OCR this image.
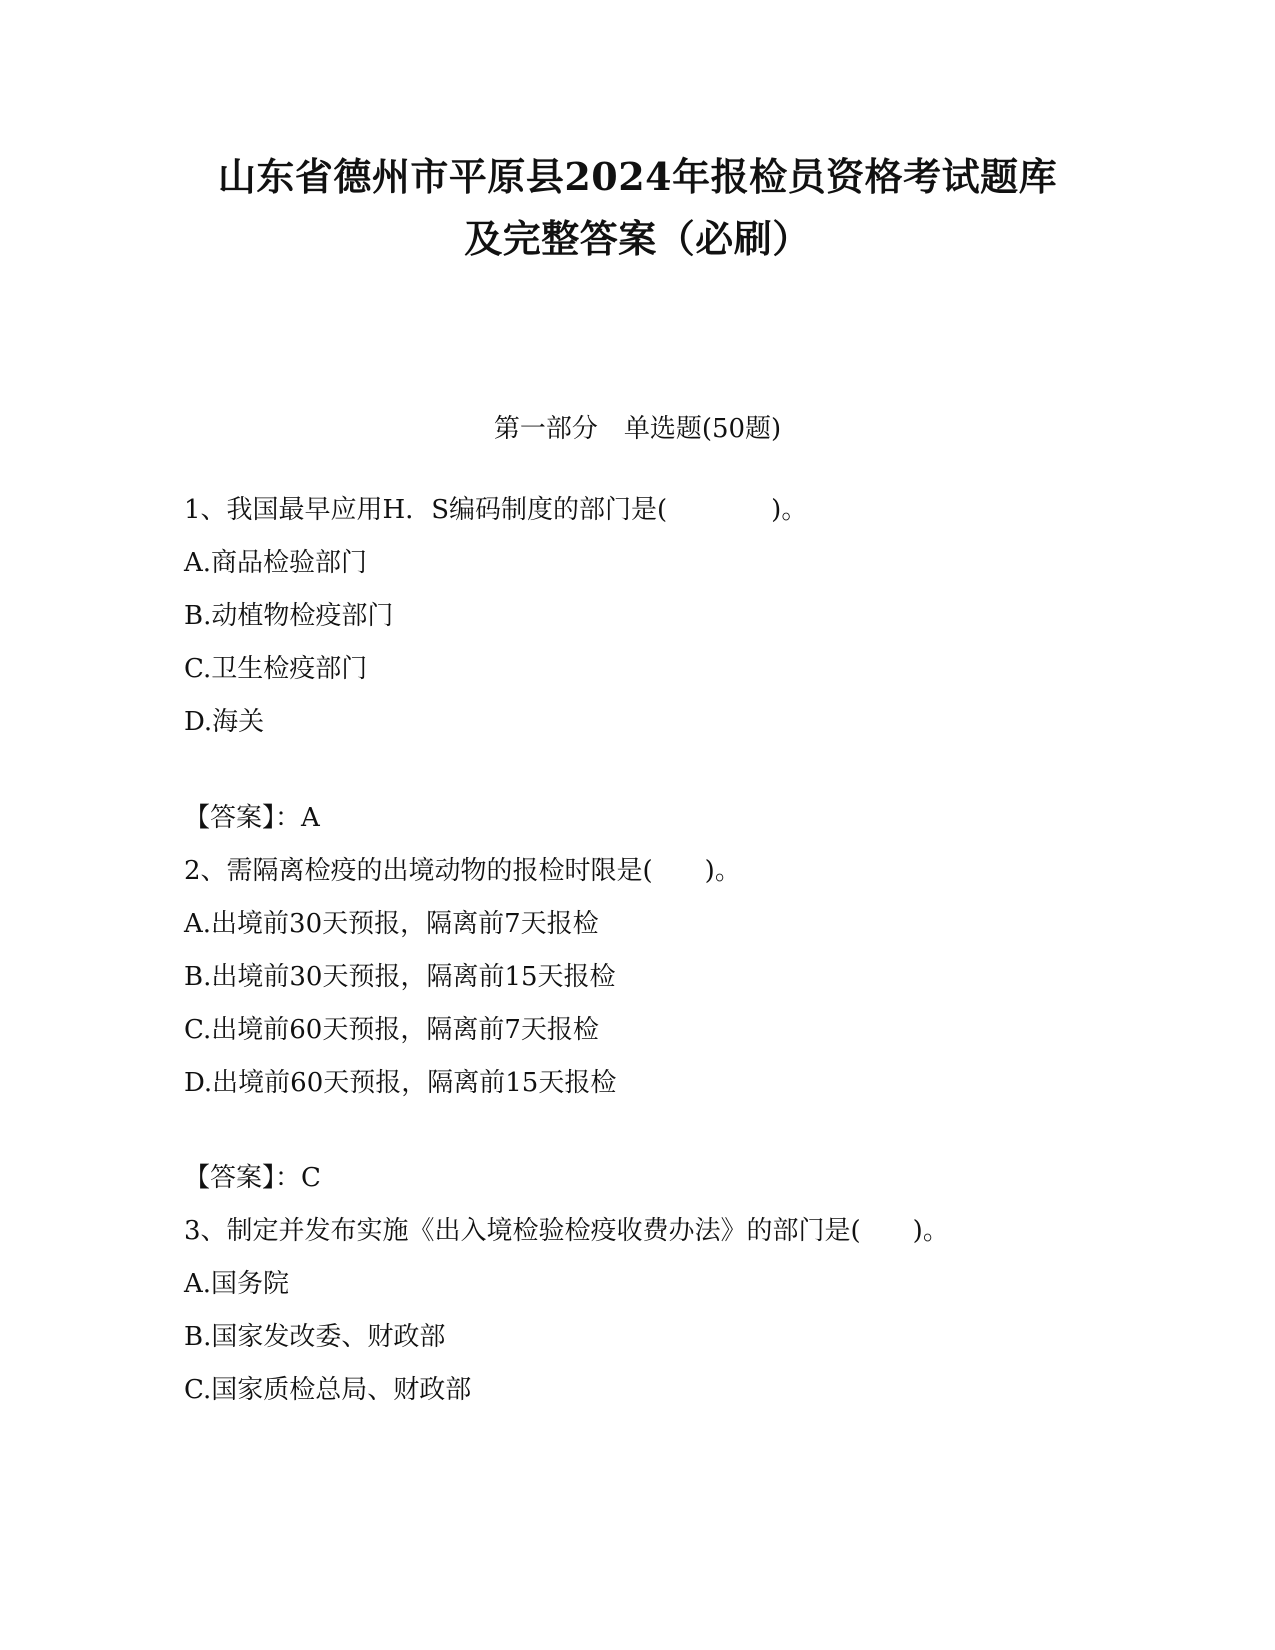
山东省德州市平原县2024年报检员资格考试题库
及完整答案（必刷）
第一部分　单选题(50题)
1、我国最早应用H．S编码制度的部门是(　　　　)。
A.商品检验部门
B.动植物检疫部门
C.卫生检疫部门
D.海关
【答案】：A
2、需隔离检疫的出境动物的报检时限是(　　)。
A.出境前30天预报，隔离前7天报检
B.出境前30天预报，隔离前15天报检
C.出境前60天预报，隔离前7天报检
D.出境前60天预报，隔离前15天报检
【答案】：C
3、制定并发布实施《出入境检验检疫收费办法》的部门是(　　)。
A.国务院
B.国家发改委、财政部
C.国家质检总局、财政部
